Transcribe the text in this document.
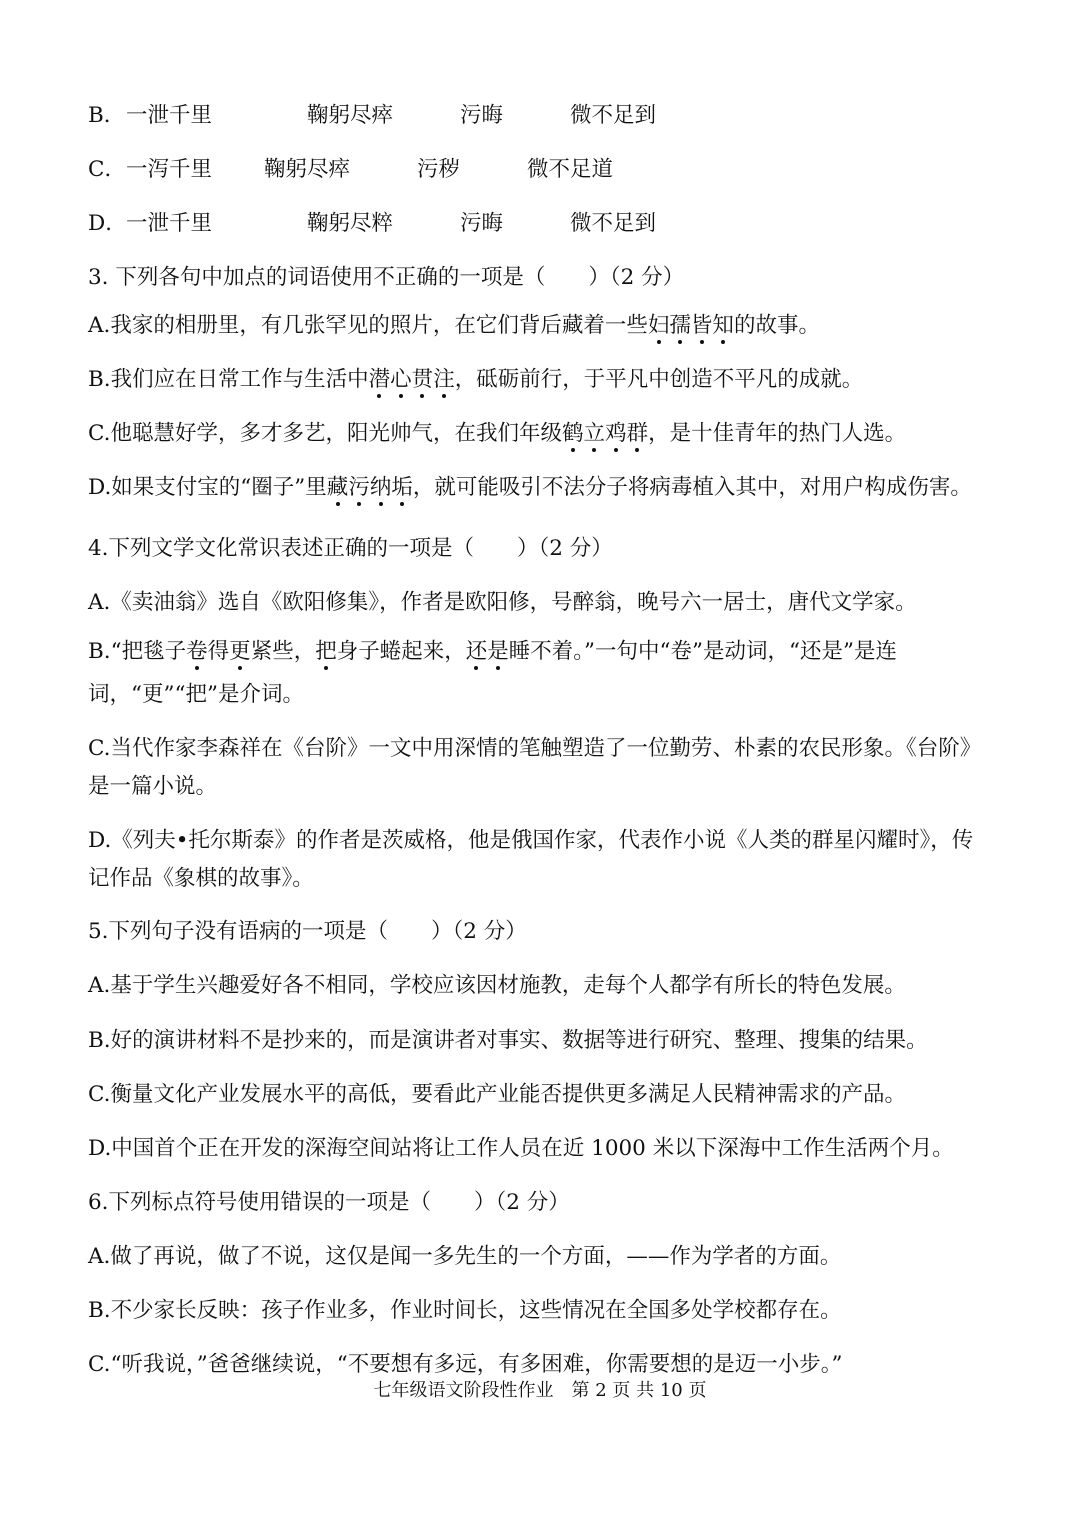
B． 一泄千里	鞠躬尽瘁	污晦	微不足到
C． 一泻千里 鞠躬尽瘁	污秽	微不足道
D． 一泄千里	鞠躬尽粹	污晦	微不足到
3. 下列各句中加点的词语使用不正确的一项是（　　）（2 分）
A.我家的相册里，有几张罕见的照片，在它们背后藏着一些妇孺皆知的故事。
B.我们应在日常工作与生活中潜心贯注，砥砺前行，于平凡中创造不平凡的成就。
C.他聪慧好学，多才多艺，阳光帅气，在我们年级鹤立鸡群，是十佳青年的热门人选。
D.如果支付宝的“圈子”里藏污纳垢，就可能吸引不法分子将病毒植入其中，对用户构成伤害。
4.下列文学文化常识表述正确的一项是（　　）（2 分）
A.《卖油翁》选自《欧阳修集》，作者是欧阳修，号醉翁，晚号六一居士，唐代文学家。
B.“把毯子卷得更紧些，把身子蜷起来，还是睡不着。”一句中“卷”是动词，“还是”是连
词，“更”“把”是介词。
C.当代作家李森祥在《台阶》一文中用深情的笔触塑造了一位勤劳、朴素的农民形象。《台阶》
是一篇小说。
D.《列夫•托尔斯泰》的作者是茨威格，他是俄国作家，代表作小说《人类的群星闪耀时》，传
记作品《象棋的故事》。
5.下列句子没有语病的一项是（　　）（2 分）
A.基于学生兴趣爱好各不相同，学校应该因材施教，走每个人都学有所长的特色发展。
B.好的演讲材料不是抄来的，而是演讲者对事实、数据等进行研究、整理、搜集的结果。
C.衡量文化产业发展水平的高低，要看此产业能否提供更多满足人民精神需求的产品。
D.中国首个正在开发的深海空间站将让工作人员在近 1000 米以下深海中工作生活两个月。
6.下列标点符号使用错误的一项是（　　）（2 分）
A.做了再说，做了不说，这仅是闻一多先生的一个方面，——作为学者的方面。
B.不少家长反映：孩子作业多，作业时间长，这些情况在全国多处学校都存在。
C.“听我说，”爸爸继续说，“不要想有多远，有多困难，你需要想的是迈一小步。”
七年级语文阶段性作业　第 2 页 共 10 页
